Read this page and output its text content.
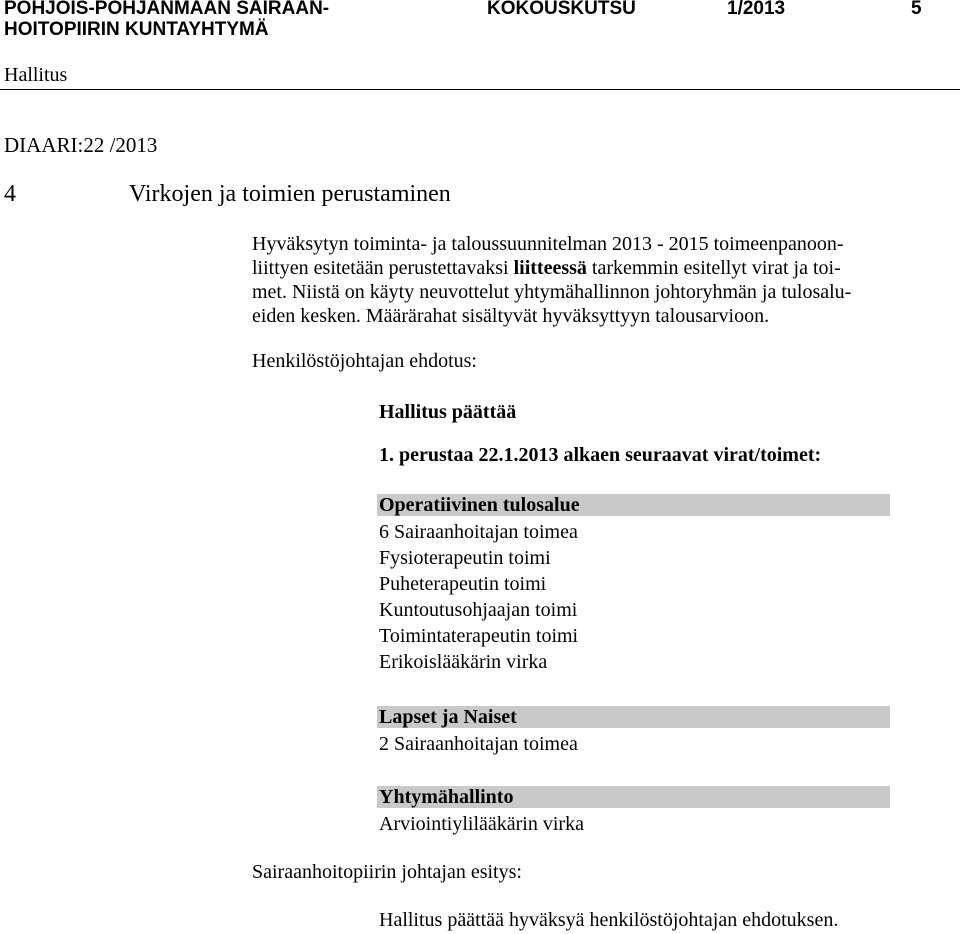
POHJOIS-POHJANMAAN SAIRAAN-
HOITOPIIRIN KUNTAYHTYMÄ
KOKOUSKUTSU	1/2013	5
Hallitus
DIAARI:22 /2013
4	Virkojen ja toimien perustaminen
Hyväksytyn toiminta- ja taloussuunnitelman 2013 - 2015 toimeenpanoon-
liittyen esitetään perustettavaksi liitteessä tarkemmin esitellyt virat ja toi-
met. Niistä on käyty neuvottelut yhtymähallinnon johtoryhmän ja tulosalu-
eiden kesken. Määrärahat sisältyvät hyväksyttyyn talousarvioon.
Henkilöstöjohtajan ehdotus:
Hallitus päättää
1. perustaa 22.1.2013 alkaen seuraavat virat/toimet:
Operatiivinen tulosalue
6 Sairaanhoitajan toimea
Fysioterapeutin toimi
Puheterapeutin toimi
Kuntoutusohjaajan toimi
Toimintaterapeutin toimi
Erikoislääkärin virka
Lapset ja Naiset
2 Sairaanhoitajan toimea
Yhtymähallinto
Arviointiylilääkärin virka
Sairaanhoitopiirin johtajan esitys:
Hallitus päättää hyväksyä henkilöstöjohtajan ehdotuksen.
